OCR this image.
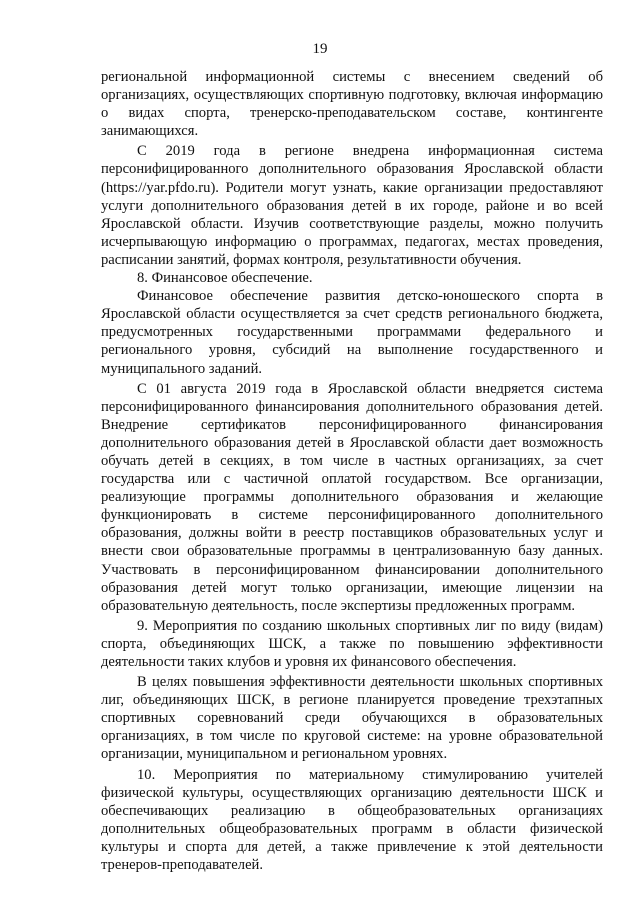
19

региональной информационной системы с внесением сведений об организациях, осуществляющих спортивную подготовку, включая информацию о видах спорта, тренерско-преподавательском составе, контингенте занимающихся.

С 2019 года в регионе внедрена информационная система персонифицированного дополнительного образования Ярославской области (https://yar.pfdo.ru). Родители могут узнать, какие организации предоставляют услуги дополнительного образования детей в их городе, районе и во всей Ярославской области. Изучив соответствующие разделы, можно получить исчерпывающую информацию о программах, педагогах, местах проведения, расписании занятий, формах контроля, результативности обучения.

8. Финансовое обеспечение.

Финансовое обеспечение развития детско-юношеского спорта в Ярославской области осуществляется за счет средств регионального бюджета, предусмотренных государственными программами федерального и регионального уровня, субсидий на выполнение государственного и муниципального заданий.

С 01 августа 2019 года в Ярославской области внедряется система персонифицированного финансирования дополнительного образования детей. Внедрение сертификатов персонифицированного финансирования дополнительного образования детей в Ярославской области дает возможность обучать детей в секциях, в том числе в частных организациях, за счет государства или с частичной оплатой государством. Все организации, реализующие программы дополнительного образования и желающие функционировать в системе персонифицированного дополнительного образования, должны войти в реестр поставщиков образовательных услуг и внести свои образовательные программы в централизованную базу данных. Участвовать в персонифицированном финансировании дополнительного образования детей могут только организации, имеющие лицензии на образовательную деятельность, после экспертизы предложенных программ.

9. Мероприятия по созданию школьных спортивных лиг по виду (видам) спорта, объединяющих ШСК, а также по повышению эффективности деятельности таких клубов и уровня их финансового обеспечения.

В целях повышения эффективности деятельности школьных спортивных лиг, объединяющих ШСК, в регионе планируется проведение трехэтапных спортивных соревнований среди обучающихся в образовательных организациях, в том числе по круговой системе: на уровне образовательной организации, муниципальном и региональном уровнях.

10. Мероприятия по материальному стимулированию учителей физической культуры, осуществляющих организацию деятельности ШСК и обеспечивающих реализацию в общеобразовательных организациях дополнительных общеобразовательных программ в области физической культуры и спорта для детей, а также привлечение к этой деятельности тренеров-преподавателей.
